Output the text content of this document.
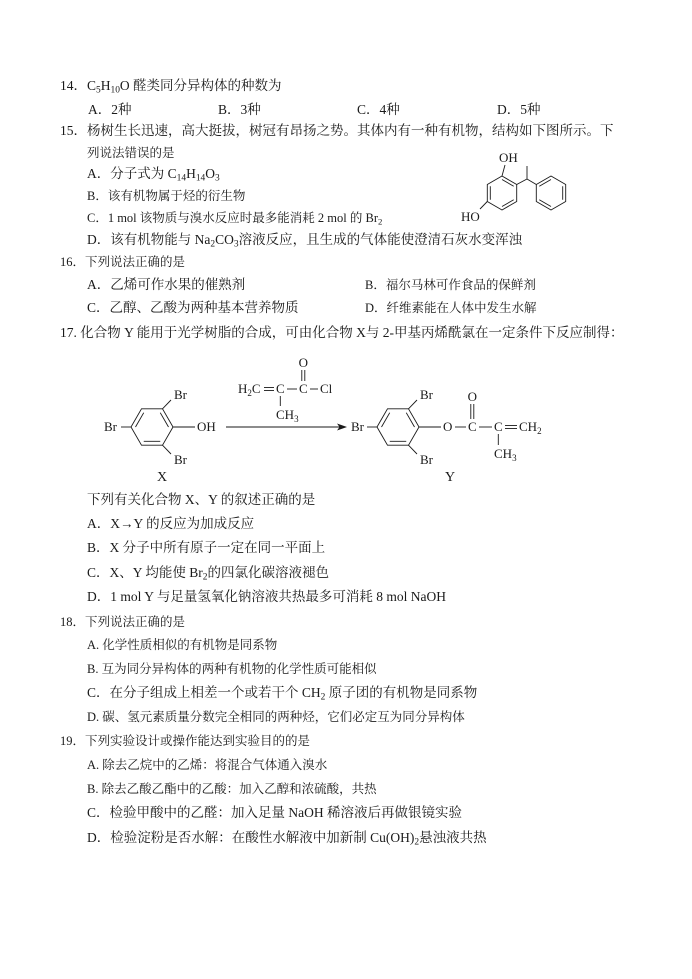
14．$C_5H_{10}O$ 醛类同分异构体的种数为
A．2种	B．3种	C．4种	D．5种
15．杨树生长迅速，高大挺拔，树冠有昂扬之势。其体内有一种有机物，结构如下图所示。下
列说法错误的是
A．分子式为 $C_{14}H_{14}O_3$
B．该有机物属于烃的衍生物
C．1 mol 该物质与溴水反应时最多能消耗 2 mol 的 $Br_2$
D．该有机物能与 $Na_2CO_3$溶液反应，且生成的气体能使澄清石灰水变浑浊
16．下列说法正确的是
A．乙烯可作水果的催熟剂	B．福尔马林可作食品的保鲜剂
C．乙醇、乙酸为两种基本营养物质	D．纤维素能在人体中发生水解
17. 化合物 Y 能用于光学树脂的合成，可由化合物 X与 2-甲基丙烯酰氯在一定条件下反应制得：
下列有关化合物 X、Y 的叙述正确的是
A．X→Y 的反应为加成反应
B．X 分子中所有原子一定在同一平面上
C．X、Y 均能使 $Br_2$的四氯化碳溶液褪色
D．1 mol Y 与足量氢氧化钠溶液共热最多可消耗 8 mol NaOH
18．下列说法正确的是
A. 化学性质相似的有机物是同系物
B. 互为同分异构体的两种有机物的化学性质可能相似
C．在分子组成上相差一个或若干个 $CH_2$ 原子团的有机物是同系物
D. 碳、氢元素质量分数完全相同的两种烃，它们必定互为同分异构体
19．下列实验设计或操作能达到实验目的的是
A. 除去乙烷中的乙烯：将混合气体通入溴水
B. 除去乙酸乙酯中的乙酸：加入乙醇和浓硫酸，共热
C．检验甲酸中的乙醛：加入足量 NaOH 稀溶液后再做银镜实验
D．检验淀粉是否水解：在酸性水解液中加新制 $Cu(OH)_2$悬浊液共热
OH
HO
Br
Br
OH
Br
X
$H_2C$ C C Cl
O
$CH_3$	Br
Br
Br
O C
O
C $CH_2$
$CH_3$
Y
